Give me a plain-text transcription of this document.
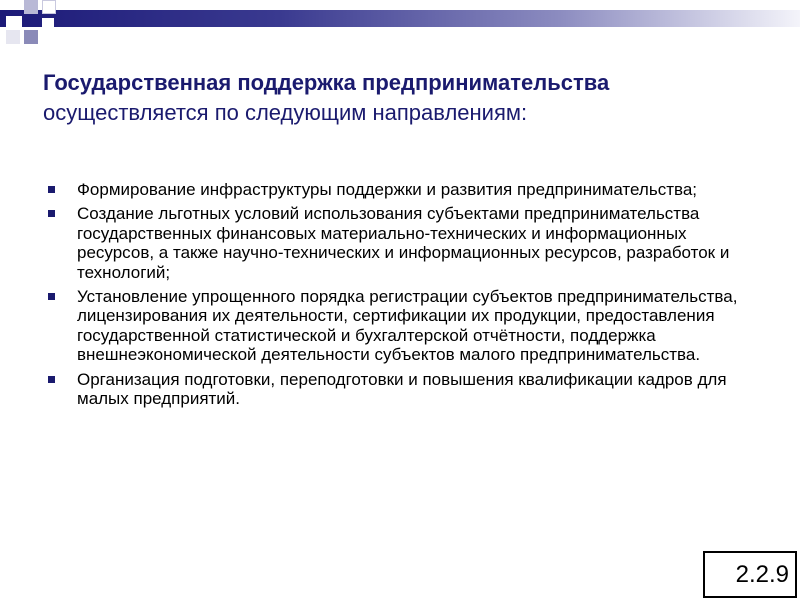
Государственная поддержка предпринимательства
осуществляется по следующим направлениям:
Формирование инфраструктуры поддержки и развития предпринимательства;
Создание льготных условий использования субъектами предпринимательства государственных финансовых материально-технических и информационных ресурсов, а также научно-технических и информационных ресурсов, разработок и технологий;
Установление упрощенного порядка регистрации субъектов предпринимательства, лицензирования их деятельности, сертификации их продукции, предоставления государственной статистической и бухгалтерской отчётности, поддержка внешнеэкономической деятельности субъектов малого предпринимательства.
Организация подготовки, переподготовки и повышения квалификации кадров для малых предприятий.
2.2.9
